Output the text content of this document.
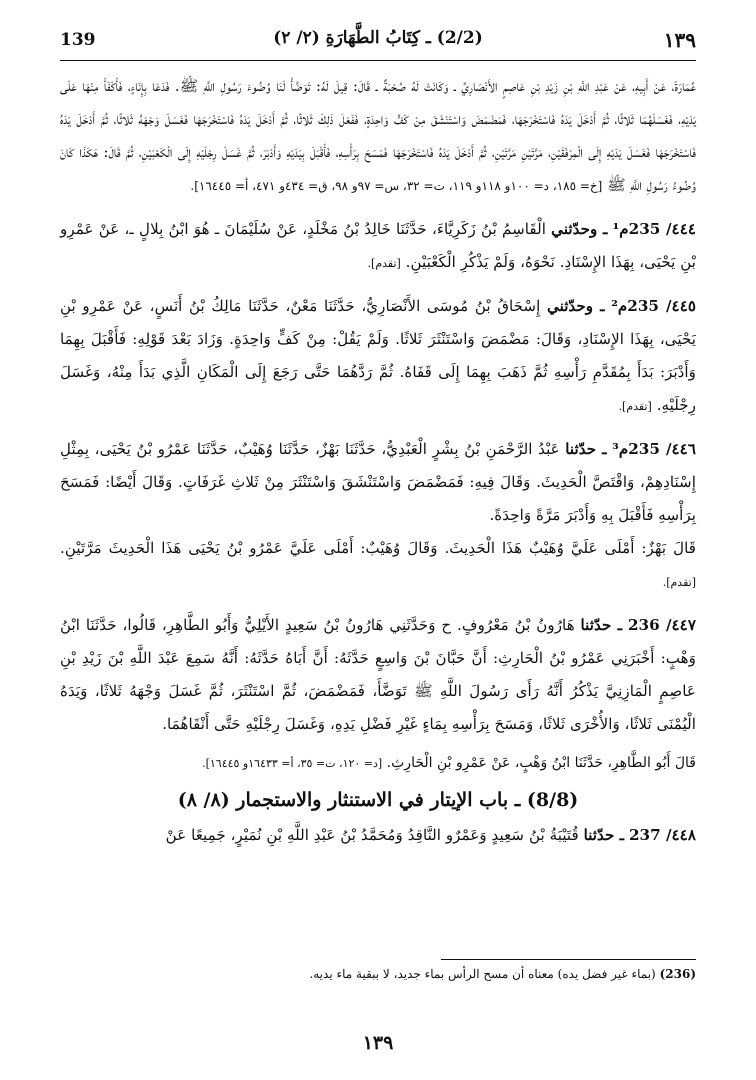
139	(2/2) ـ كِتَابُ الطَّهَارَةِ (٢/ ٢)	١٣٩

عُمَارَةَ، عَنْ أَبِيهِ، عَنْ عَبْدِ اللَّهِ بْنِ زَيْدِ بْنِ عَاصِمٍ الأَنْصَارِيِّ ـ وَكَانَتْ لَهُ صُحْبَةٌ ـ قَالَ: قِيلَ لَهُ: تَوَضَّأْ لَنَا وُضُوءَ رَسُولِ اللَّهِ ﷺ. فَدَعَا بِإِنَاءٍ، فَأَكْفَأَ مِنْهَا عَلَى يَدَيْهِ، فَغَسَلَهُمَا ثَلاثًا، ثُمَّ أَدْخَلَ يَدَهُ فَاسْتَخْرَجَهَا، فَمَضْمَضَ وَاسْتَنْشَقَ مِنْ كَفٍّ وَاحِدَةٍ، فَفَعَلَ ذَلِكَ ثَلاثًا، ثُمَّ أَدْخَلَ يَدَهُ فَاسْتَخْرَجَهَا فَغَسَلَ وَجْهَهُ ثَلاثًا، ثُمَّ أَدْخَلَ يَدَهُ فَاسْتَخْرَجَهَا فَغَسَلَ يَدَيْهِ إِلَى الْمِرْفَقَيْنِ، مَرَّتَيْنِ مَرَّتَيْنِ، ثُمَّ أَدْخَلَ يَدَهُ فَاسْتَخْرَجَهَا فَمَسَحَ بِرَأْسِهِ، فَأَقْبَلَ بِيَدَيْهِ وَأَدْبَرَ، ثُمَّ غَسَلَ رِجْلَيْهِ إِلَى الْكَعْبَيْنِ، ثُمَّ قَالَ: هَكَذَا كَانَ وُضُوءُ رَسُولِ اللَّهِ ﷺ [خ= ١٨٥، د= ١٠٠و ١١٨و ١١٩، ت= ٣٢، س= ٩٧و ٩٨، ق= ٤٣٤و ٤٧١، أ= ١٦٤٤٥].

٤٤٤/ 235م¹ ـ وحدّثني الْقَاسِمُ بْنُ زَكَرِيَّاءَ، حَدَّثَنَا خَالِدُ بْنُ مَخْلَدٍ، عَنْ سُلَيْمَانَ ـ هُوَ ابْنُ بِلالٍ ـ، عَنْ عَمْرِو بْنِ يَحْيَى، بِهَذَا الإِسْنَادِ. نَحْوَهُ، وَلَمْ يَذْكُرِ الْكَعْبَيْنِ. [تقدم].

٤٤٥/ 235م² ـ وحدّثني إِسْحَاقُ بْنُ مُوسَى الأَنْصَارِيُّ، حَدَّثَنَا مَعْنٌ، حَدَّثَنَا مَالِكُ بْنُ أَنَسٍ، عَنْ عَمْرِو بْنِ يَحْيَى، بِهَذَا الإِسْنَادِ، وَقَالَ: مَضْمَضَ وَاسْتَنْثَرَ ثَلاثًا. وَلَمْ يَقُلْ: مِنْ كَفٍّ وَاحِدَةٍ. وَزَادَ بَعْدَ قَوْلِهِ: فَأَقْبَلَ بِهِمَا وَأَدْبَرَ: بَدَأَ بِمُقَدَّمِ رَأْسِهِ ثُمَّ ذَهَبَ بِهِمَا إِلَى قَفَاهُ. ثُمَّ رَدَّهُمَا حَتَّى رَجَعَ إِلَى الْمَكَانِ الَّذِي بَدَأَ مِنْهُ، وَغَسَلَ رِجْلَيْهِ. [تقدم].

٤٤٦/ 235م³ ـ حدّثنا عَبْدُ الرَّحْمَنِ بْنُ بِشْرٍ الْعَبْدِيُّ، حَدَّثَنَا بَهْزٌ، حَدَّثَنَا وُهَيْبٌ، حَدَّثَنَا عَمْرُو بْنُ يَحْيَى، بِمِثْلِ إِسْنَادِهِمْ، وَاقْتَصَّ الْحَدِيثَ. وَقَالَ فِيهِ: فَمَضْمَضَ وَاسْتَنْشَقَ وَاسْتَنْثَرَ مِنْ ثَلاثِ غَرَفَاتٍ. وَقَالَ أَيْضًا: فَمَسَحَ بِرَأْسِهِ فَأَقْبَلَ بِهِ وَأَدْبَرَ مَرَّةً وَاحِدَةً.

قَالَ بَهْزٌ: أَمْلَى عَلَيَّ وُهَيْبٌ هَذَا الْحَدِيثَ. وَقَالَ وُهَيْبٌ: أَمْلَى عَلَيَّ عَمْرُو بْنُ يَحْيَى هَذَا الْحَدِيثَ مَرَّتَيْنِ. [تقدم].

٤٤٧/ 236 ـ حدّثنا هَارُونُ بْنُ مَعْرُوفٍ. ح وَحَدَّثَنِي هَارُونُ بْنُ سَعِيدٍ الأَيْلِيُّ وَأَبُو الطَّاهِرِ، قَالُوا، حَدَّثَنَا ابْنُ وَهْبٍ: أَخْبَرَنِي عَمْرُو بْنُ الْحَارِثِ: أَنَّ حَبَّانَ بْنَ وَاسِعٍ حَدَّثَهُ: أَنَّ أَبَاهُ حَدَّثَهُ: أَنَّهُ سَمِعَ عَبْدَ اللَّهِ بْنَ زَيْدِ بْنِ عَاصِمٍ الْمَازِنِيَّ يَذْكُرُ أَنَّهُ رَأَى رَسُولَ اللَّهِ ﷺ تَوَضَّأَ، فَمَضْمَضَ، ثُمَّ اسْتَنْثَرَ، ثُمَّ غَسَلَ وَجْهَهُ ثَلاثًا، وَيَدَهُ الْيُمْنَى ثَلاثًا، وَالأُخْرَى ثَلاثًا، وَمَسَحَ بِرَأْسِهِ بِمَاءٍ غَيْرِ فَضْلِ يَدِهِ، وَغَسَلَ رِجْلَيْهِ حَتَّى أَنْقَاهُمَا.

قَالَ أَبُو الطَّاهِرِ، حَدَّثَنَا ابْنُ وَهْبٍ، عَنْ عَمْرِو بْنِ الْحَارِثِ. [د= ١٢٠، ت= ٣٥، أ= ١٦٤٣٣و ١٦٤٤٥].

(8/8) ـ باب الإيتار في الاستنثار والاستجمار (٨/ ٨)

٤٤٨/ 237 ـ حدّثنا قُتَيْبَةُ بْنُ سَعِيدٍ وَعَمْرٌو النَّاقِدُ وَمُحَمَّدُ بْنُ عَبْدِ اللَّهِ بْنِ نُمَيْرٍ، جَمِيعًا عَنْ

(236) (بماء غير فضل يده) معناه أن مسح الرأس بماء جديد، لا ببقية ماء يديه.
١٣٩
